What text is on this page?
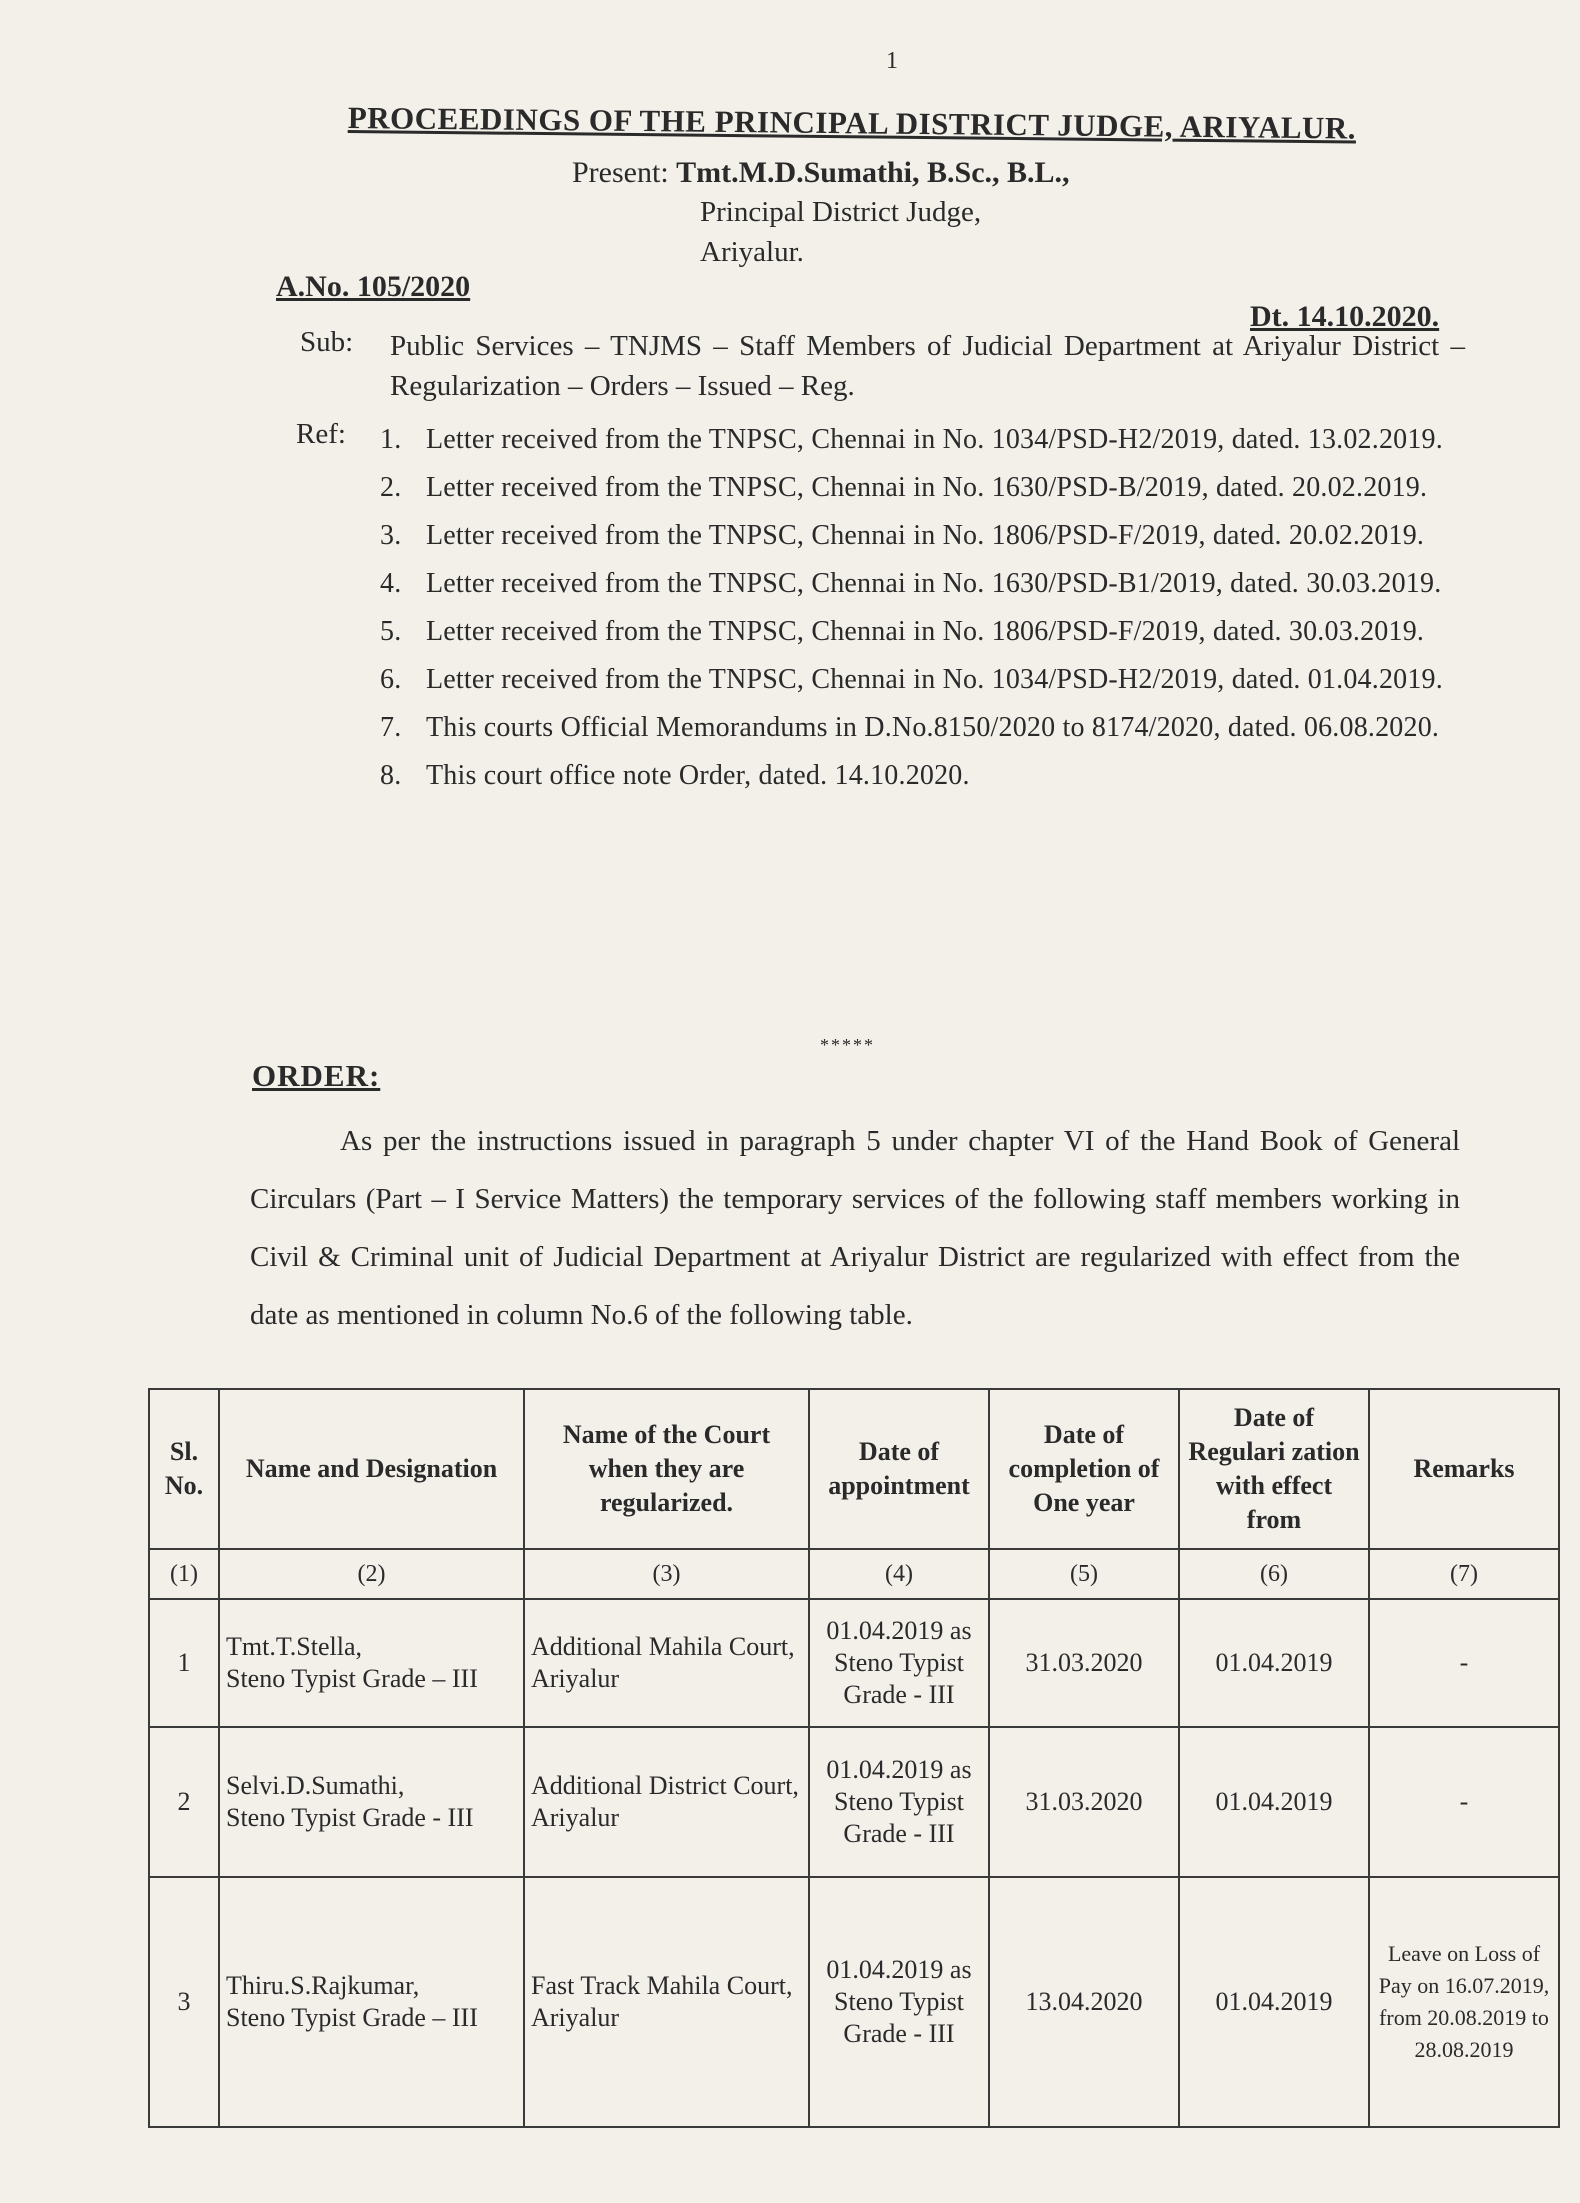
1
PROCEEDINGS OF THE PRINCIPAL DISTRICT JUDGE, ARIYALUR.
Present: Tmt.M.D.Sumathi, B.Sc., B.L.,
Principal District Judge,
Ariyalur.
A.No. 105/2020
Dt. 14.10.2020.
Sub: Public Services – TNJMS – Staff Members of Judicial Department at Ariyalur District – Regularization – Orders – Issued – Reg.
Ref: 1. Letter received from the TNPSC, Chennai in No. 1034/PSD-H2/2019, dated. 13.02.2019.
2. Letter received from the TNPSC, Chennai in No. 1630/PSD-B/2019, dated. 20.02.2019.
3. Letter received from the TNPSC, Chennai in No. 1806/PSD-F/2019, dated. 20.02.2019.
4. Letter received from the TNPSC, Chennai in No. 1630/PSD-B1/2019, dated. 30.03.2019.
5. Letter received from the TNPSC, Chennai in No. 1806/PSD-F/2019, dated. 30.03.2019.
6. Letter received from the TNPSC, Chennai in No. 1034/PSD-H2/2019, dated. 01.04.2019.
7. This courts Official Memorandums in D.No.8150/2020 to 8174/2020, dated. 06.08.2020.
8. This court office note Order, dated. 14.10.2020.
*****
ORDER:
As per the instructions issued in paragraph 5 under chapter VI of the Hand Book of General Circulars (Part – I Service Matters) the temporary services of the following staff members working in Civil & Criminal unit of Judicial Department at Ariyalur District are regularized with effect from the date as mentioned in column No.6 of the following table.
Sl. No.	Name and Designation	Name of the Court when they are regularized.	Date of appointment	Date of completion of One year	Date of Regulari zation with effect from	Remarks
(1)	(2)	(3)	(4)	(5)	(6)	(7)
1	Tmt.T.Stella,
Steno Typist Grade – III	Additional Mahila Court, Ariyalur	01.04.2019 as Steno Typist Grade - III	31.03.2020	01.04.2019	-
2	Selvi.D.Sumathi,
Steno Typist Grade - III	Additional District Court, Ariyalur	01.04.2019 as Steno Typist Grade - III	31.03.2020	01.04.2019	-
3	Thiru.S.Rajkumar,
Steno Typist Grade – III	Fast Track Mahila Court, Ariyalur	01.04.2019 as Steno Typist Grade - III	13.04.2020	01.04.2019	Leave on Loss of Pay on 16.07.2019, from 20.08.2019 to 28.08.2019
